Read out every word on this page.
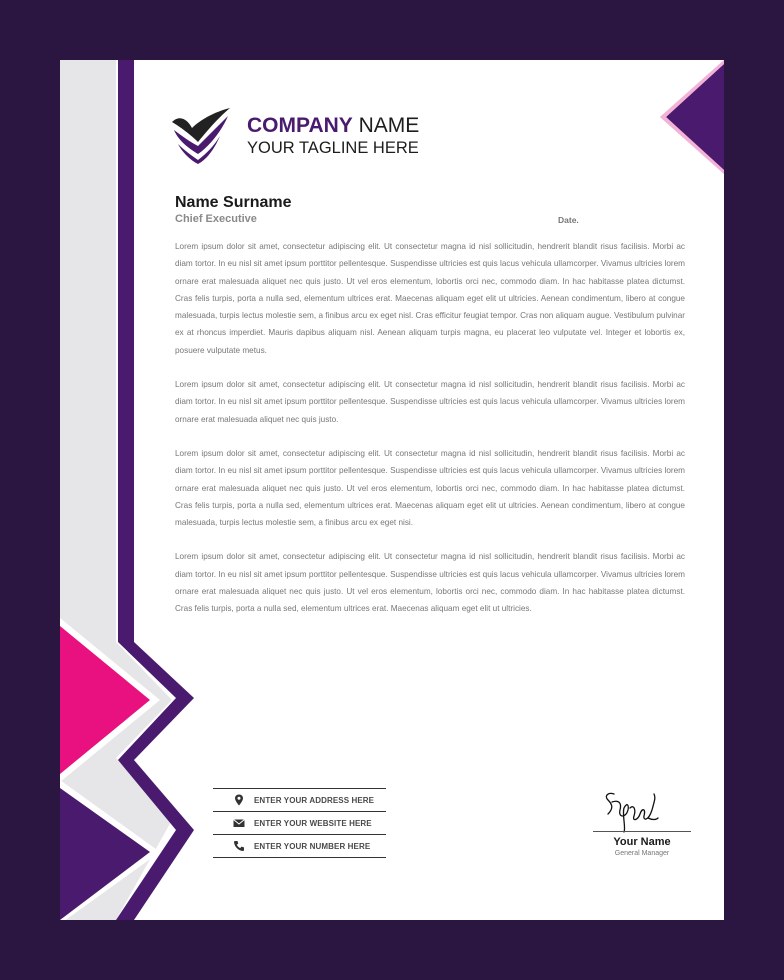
COMPANY NAME
YOUR TAGLINE HERE
Name Surname
Chief Executive	Date.

Lorem ipsum dolor sit amet, consectetur adipiscing elit. Ut consectetur magna id nisl sollicitudin, hendrerit blandit risus facilisis. Morbi ac diam tortor. In eu nisl sit amet ipsum porttitor pellentesque. Suspendisse ultricies est quis lacus vehicula ullamcorper. Vivamus ultricies lorem ornare erat malesuada aliquet nec quis justo. Ut vel eros elementum, lobortis orci nec, commodo diam. In hac habitasse platea dictumst. Cras felis turpis, porta a nulla sed, elementum ultrices erat. Maecenas aliquam eget elit ut ultricies. Aenean condimentum, libero at congue malesuada, turpis lectus molestie sem, a finibus arcu ex eget nisl. Cras efficitur feugiat tempor. Cras non aliquam augue. Vestibulum pulvinar ex at rhoncus imperdiet. Mauris dapibus aliquam nisl. Aenean aliquam turpis magna, eu placerat leo vulputate vel. Integer et lobortis ex, posuere vulputate metus.

Lorem ipsum dolor sit amet, consectetur adipiscing elit. Ut consectetur magna id nisl sollicitudin, hendrerit blandit risus facilisis. Morbi ac diam tortor. In eu nisl sit amet ipsum porttitor pellentesque. Suspendisse ultricies est quis lacus vehicula ullamcorper. Vivamus ultricies lorem ornare erat malesuada aliquet nec quis justo.

Lorem ipsum dolor sit amet, consectetur adipiscing elit. Ut consectetur magna id nisl sollicitudin, hendrerit blandit risus facilisis. Morbi ac diam tortor. In eu nisl sit amet ipsum porttitor pellentesque. Suspendisse ultricies est quis lacus vehicula ullamcorper. Vivamus ultricies lorem ornare erat malesuada aliquet nec quis justo. Ut vel eros elementum, lobortis orci nec, commodo diam. In hac habitasse platea dictumst. Cras felis turpis, porta a nulla sed, elementum ultrices erat. Maecenas aliquam eget elit ut ultricies. Aenean condimentum, libero at congue malesuada, turpis lectus molestie sem, a finibus arcu ex eget nisi.

Lorem ipsum dolor sit amet, consectetur adipiscing elit. Ut consectetur magna id nisl sollicitudin, hendrerit blandit risus facilisis. Morbi ac diam tortor. In eu nisl sit amet ipsum porttitor pellentesque. Suspendisse ultricies est quis lacus vehicula ullamcorper. Vivamus ultricies lorem ornare erat malesuada aliquet nec quis justo. Ut vel eros elementum, lobortis orci nec, commodo diam. In hac habitasse platea dictumst. Cras felis turpis, porta a nulla sed, elementum ultrices erat. Maecenas aliquam eget elit ut ultricies.

ENTER YOUR ADDRESS HERE
ENTER YOUR WEBSITE HERE
ENTER YOUR NUMBER HERE	Your Name
General Manager
